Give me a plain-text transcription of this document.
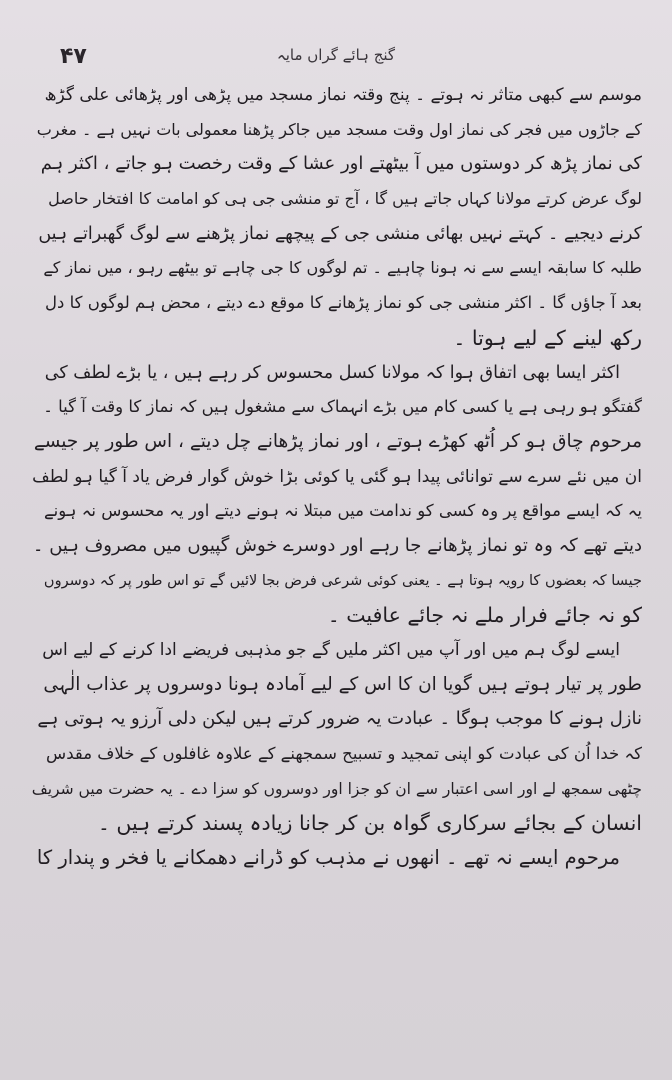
۴۷	گنج ہائے گراں مایہ
موسم سے کبھی متاثر نہ ہوتے ۔ پنج وقتہ نماز مسجد میں پڑھی اور پڑھائی علی گڑھ
کے جاڑوں میں فجر کی نماز اول وقت مسجد میں جاکر پڑھنا معمولی بات نہیں ہے ۔ مغرب
کی نماز پڑھ کر دوستوں میں آ بیٹھتے اور عشا کے وقت رخصت ہو جاتے ، اکثر ہم
لوگ عرض کرتے مولانا کہاں جاتے ہیں گا ، آج تو منشی جی ہی کو امامت کا افتخار حاصل
کرنے دیجیے ۔ کہتے نہیں بھائی منشی جی کے پیچھے نماز پڑھنے سے لوگ گھبراتے ہیں
طلبہ کا سابقہ ایسے سے نہ ہونا چاہیے ۔ تم لوگوں کا جی چاہے تو بیٹھے رہو ، میں نماز کے
بعد آ جاؤں گا ۔ اکثر منشی جی کو نماز پڑھانے کا موقع دے دیتے ، محض ہم لوگوں کا دل
رکھ لینے کے لیے ہوتا ۔
اکثر ایسا بھی اتفاق ہوا کہ مولانا کسل محسوس کر رہے ہیں ، یا بڑے لطف کی
گفتگو ہو رہی ہے یا کسی کام میں بڑے انہماک سے مشغول ہیں کہ نماز کا وقت آ گیا ۔
مرحوم چاق ہو کر اُٹھ کھڑے ہوتے ، اور نماز پڑھانے چل دیتے ، اس طور پر جیسے
ان میں نئے سرے سے توانائی پیدا ہو گئی یا کوئی بڑا خوش گوار فرض یاد آ گیا ہو لطف
یہ کہ ایسے مواقع پر وہ کسی کو ندامت میں مبتلا نہ ہونے دیتے اور یہ محسوس نہ ہونے
دیتے تھے کہ وہ تو نماز پڑھانے جا رہے اور دوسرے خوش گپیوں میں مصروف ہیں ۔
جیسا کہ بعضوں کا رویہ ہوتا ہے ۔ یعنی کوئی شرعی فرض بجا لائیں گے تو اس طور پر کہ دوسروں
کو نہ جائے فرار ملے نہ جائے عافیت ۔
ایسے لوگ ہم میں اور آپ میں اکثر ملیں گے جو مذہبی فریضے ادا کرنے کے لیے اس
طور پر تیار ہوتے ہیں گویا ان کا اس کے لیے آمادہ ہونا دوسروں پر عذاب الٰہی
نازل ہونے کا موجب ہوگا ۔ عبادت یہ ضرور کرتے ہیں لیکن دلی آرزو یہ ہوتی ہے
کہ خدا اُن کی عبادت کو اپنی تمجید و تسبیح سمجھنے کے علاوہ غافلوں کے خلاف مقدس
چٹھی سمجھ لے اور اسی اعتبار سے ان کو جزا اور دوسروں کو سزا دے ۔ یہ حضرت میں شریف
انسان کے بجائے سرکاری گواہ بن کر جانا زیادہ پسند کرتے ہیں ۔
مرحوم ایسے نہ تھے ۔ انھوں نے مذہب کو ڈرانے دھمکانے یا فخر و پندار کا
